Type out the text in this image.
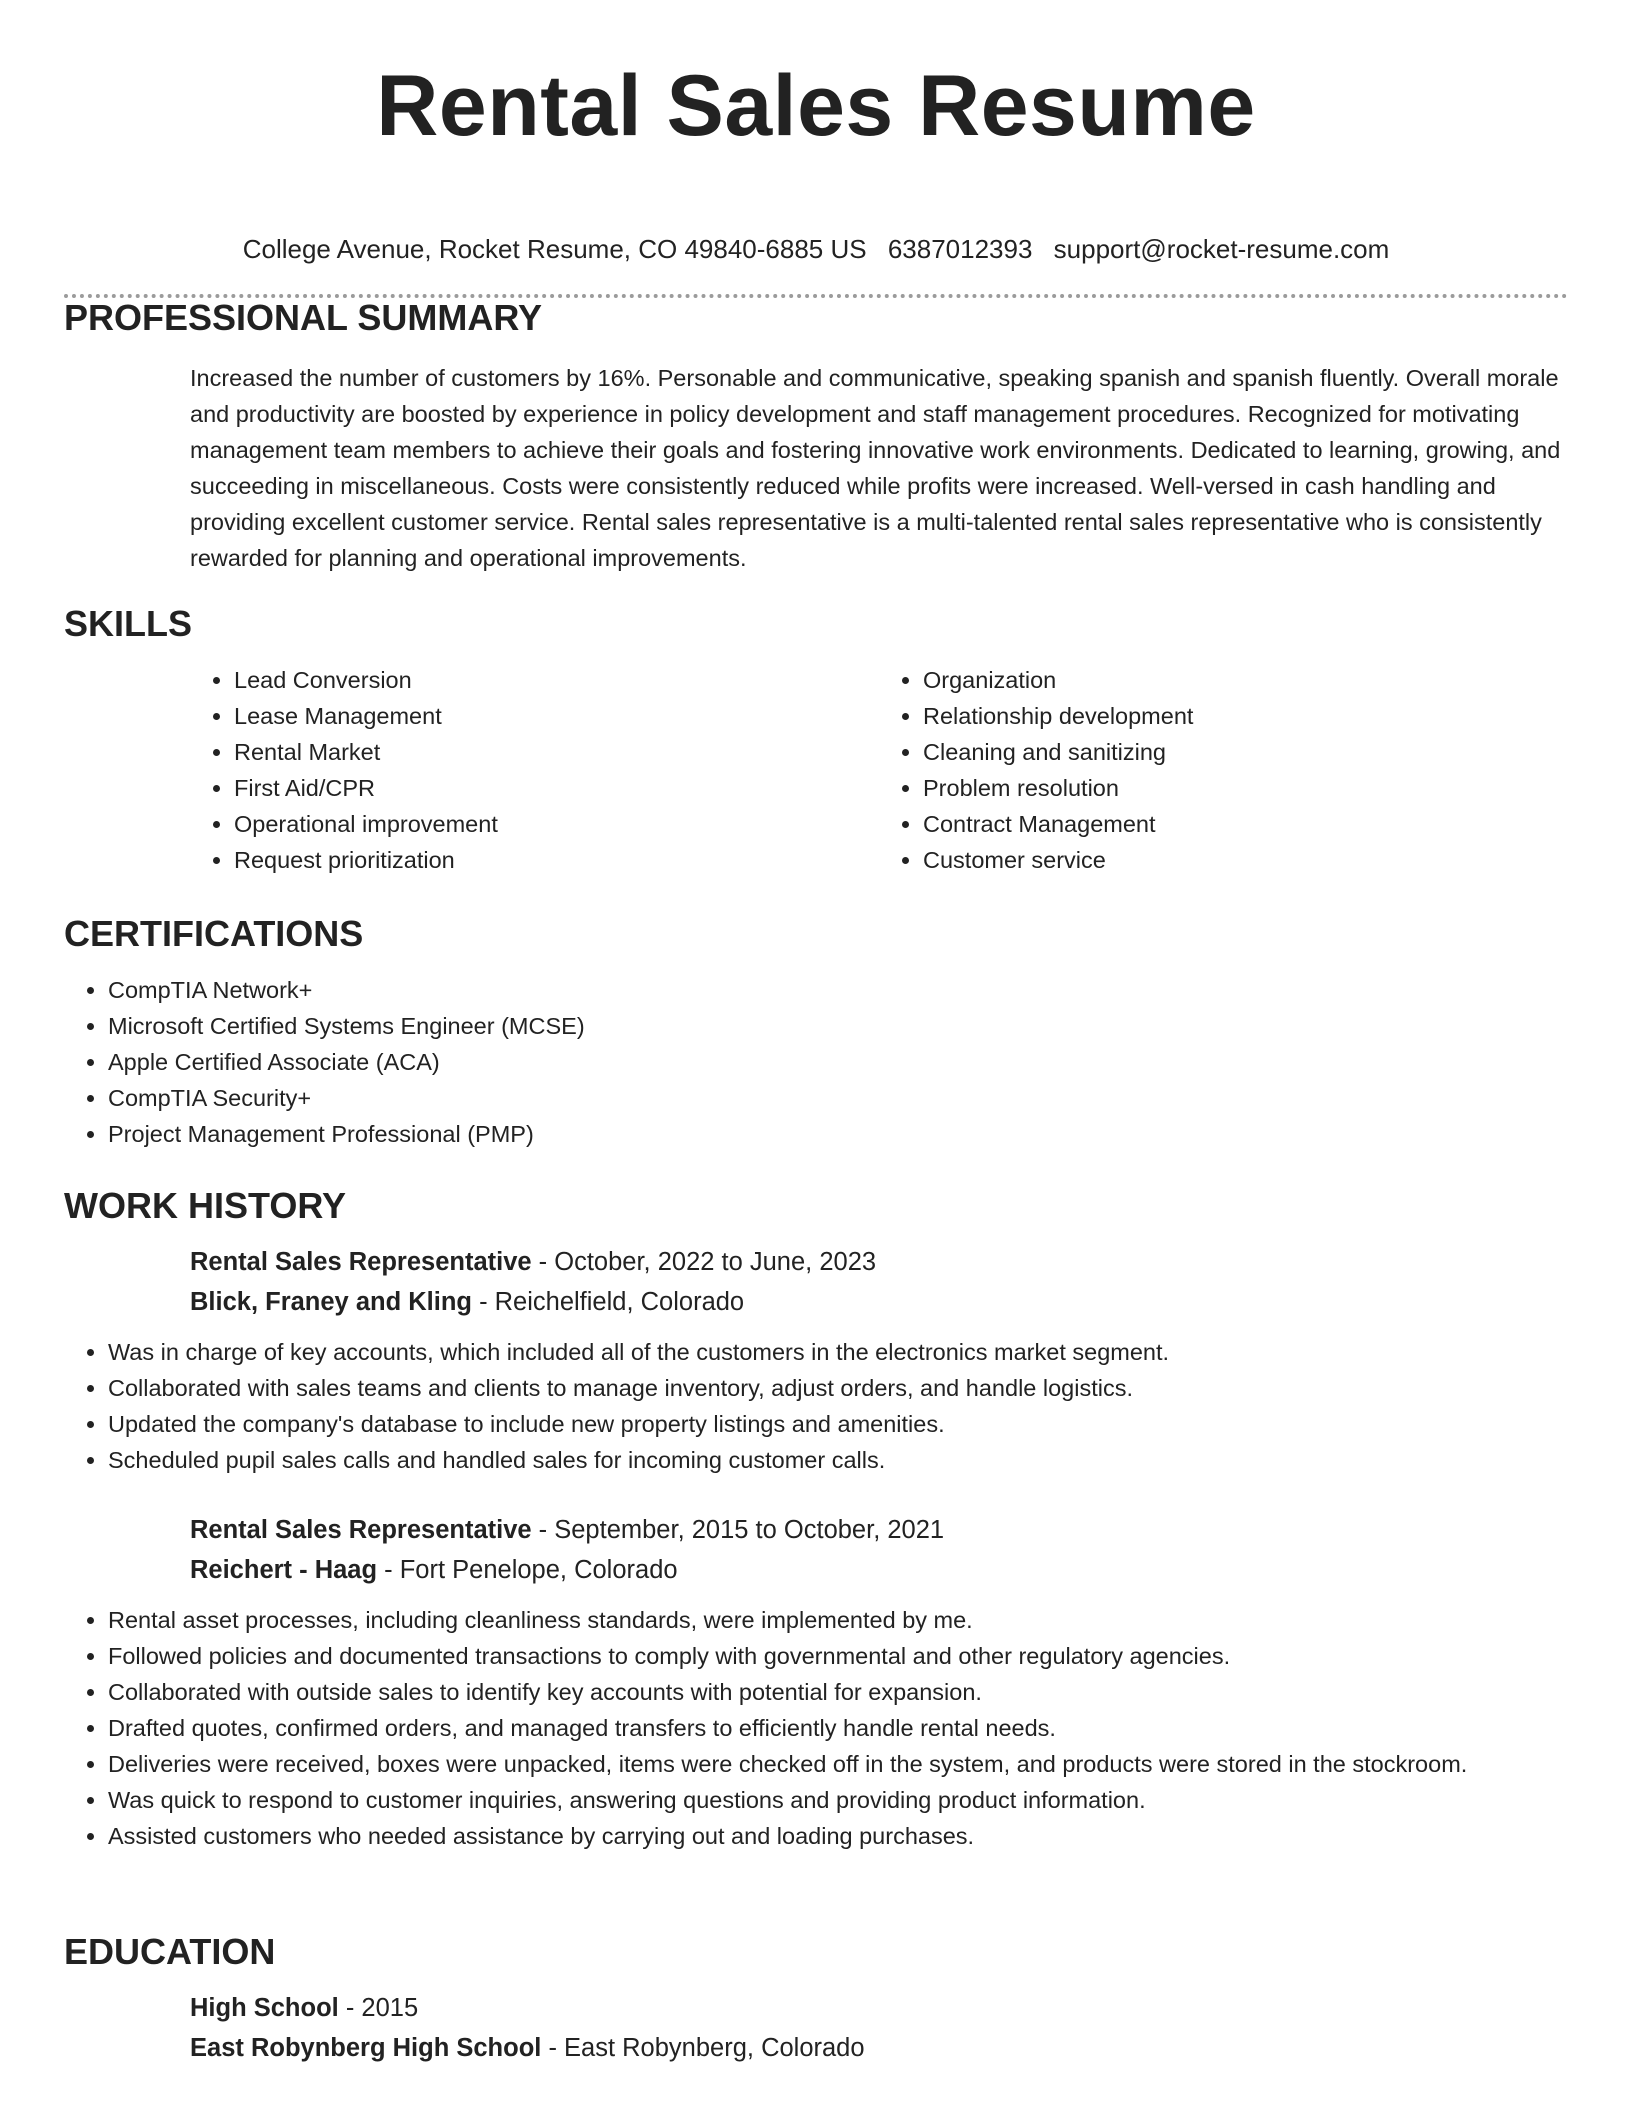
Rental Sales Resume
College Avenue, Rocket Resume, CO 49840-6885 US 6387012393 support@rocket-resume.com
PROFESSIONAL SUMMARY
Increased the number of customers by 16%. Personable and communicative, speaking spanish and spanish fluently. Overall morale and productivity are boosted by experience in policy development and staff management procedures. Recognized for motivating management team members to achieve their goals and fostering innovative work environments. Dedicated to learning, growing, and succeeding in miscellaneous. Costs were consistently reduced while profits were increased. Well-versed in cash handling and providing excellent customer service. Rental sales representative is a multi-talented rental sales representative who is consistently rewarded for planning and operational improvements.
SKILLS
• Lead Conversion
• Lease Management
• Rental Market
• First Aid/CPR
• Operational improvement
• Request prioritization
• Organization
• Relationship development
• Cleaning and sanitizing
• Problem resolution
• Contract Management
• Customer service
CERTIFICATIONS
• CompTIA Network+
• Microsoft Certified Systems Engineer (MCSE)
• Apple Certified Associate (ACA)
• CompTIA Security+
• Project Management Professional (PMP)
WORK HISTORY
Rental Sales Representative - October, 2022 to June, 2023
Blick, Franey and Kling - Reichelfield, Colorado
• Was in charge of key accounts, which included all of the customers in the electronics market segment.
• Collaborated with sales teams and clients to manage inventory, adjust orders, and handle logistics.
• Updated the company's database to include new property listings and amenities.
• Scheduled pupil sales calls and handled sales for incoming customer calls.
Rental Sales Representative - September, 2015 to October, 2021
Reichert - Haag - Fort Penelope, Colorado
• Rental asset processes, including cleanliness standards, were implemented by me.
• Followed policies and documented transactions to comply with governmental and other regulatory agencies.
• Collaborated with outside sales to identify key accounts with potential for expansion.
• Drafted quotes, confirmed orders, and managed transfers to efficiently handle rental needs.
• Deliveries were received, boxes were unpacked, items were checked off in the system, and products were stored in the stockroom.
• Was quick to respond to customer inquiries, answering questions and providing product information.
• Assisted customers who needed assistance by carrying out and loading purchases.
EDUCATION
High School - 2015
East Robynberg High School - East Robynberg, Colorado
